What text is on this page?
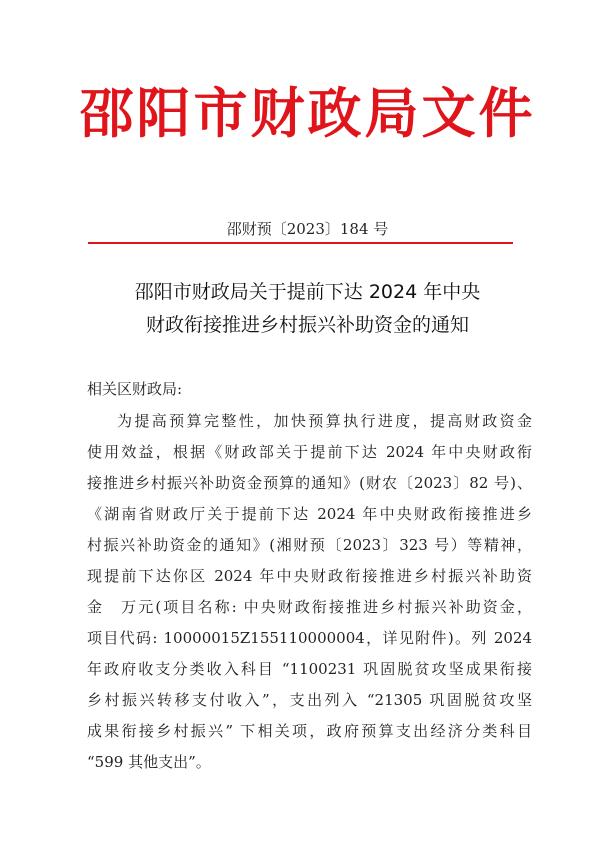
邵阳市财政局文件
邵财预〔2023〕184 号
邵阳市财政局关于提前下达 2024 年中央
财政衔接推进乡村振兴补助资金的通知
相关区财政局:
为提高预算完整性，加快预算执行进度，提高财政资金
使用效益，根据《财政部关于提前下达 2024 年中央财政衔
接推进乡村振兴补助资金预算的通知》(财农〔2023〕82 号)、
《湖南省财政厅关于提前下达 2024 年中央财政衔接推进乡
村振兴补助资金的通知》(湘财预〔2023〕323 号）等精神，
现提前下达你区 2024 年中央财政衔接推进乡村振兴补助资
金　万元(项目名称: 中央财政衔接推进乡村振兴补助资金，
项目代码: 10000015Z155110000004，详见附件)。列 2024
年政府收支分类收入科目 “1100231 巩固脱贫攻坚成果衔接
乡村振兴转移支付收入”，支出列入 “21305 巩固脱贫攻坚
成果衔接乡村振兴” 下相关项，政府预算支出经济分类科目
“599 其他支出”。
